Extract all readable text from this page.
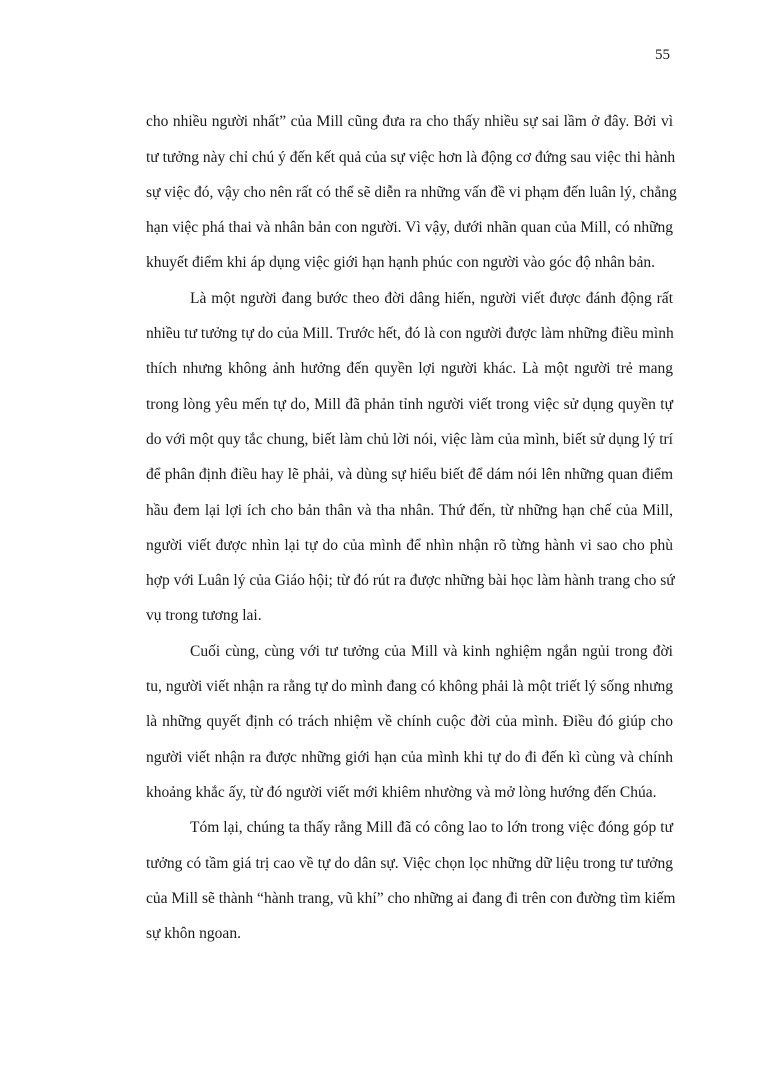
55
cho nhiều người nhất” của Mill cũng đưa ra cho thấy nhiều sự sai lầm ở đây. Bởi vì
tư tưởng này chỉ chú ý đến kết quả của sự việc hơn là động cơ đứng sau việc thi hành
sự việc đó, vậy cho nên rất có thể sẽ diễn ra những vấn đề vi phạm đến luân lý, chẳng
hạn việc phá thai và nhân bản con người. Vì vậy, dưới nhãn quan của Mill, có những
khuyết điểm khi áp dụng việc giới hạn hạnh phúc con người vào góc độ nhân bản.
Là một người đang bước theo đời dâng hiến, người viết được đánh động rất
nhiều tư tưởng tự do của Mill. Trước hết, đó là con người được làm những điều mình
thích nhưng không ảnh hưởng đến quyền lợi người khác. Là một người trẻ mang
trong lòng yêu mến tự do, Mill đã phản tỉnh người viết trong việc sử dụng quyền tự
do với một quy tắc chung, biết làm chủ lời nói, việc làm của mình, biết sử dụng lý trí
để phân định điều hay lẽ phải, và dùng sự hiểu biết để dám nói lên những quan điểm
hầu đem lại lợi ích cho bản thân và tha nhân. Thứ đến, từ những hạn chế của Mill,
người viết được nhìn lại tự do của mình để nhìn nhận rõ từng hành vi sao cho phù
hợp với Luân lý của Giáo hội; từ đó rút ra được những bài học làm hành trang cho sứ
vụ trong tương lai.
Cuối cùng, cùng với tư tưởng của Mill và kinh nghiệm ngắn ngủi trong đời
tu, người viết nhận ra rằng tự do mình đang có không phải là một triết lý sống nhưng
là những quyết định có trách nhiệm về chính cuộc đời của mình. Điều đó giúp cho
người viết nhận ra được những giới hạn của mình khi tự do đi đến kì cùng và chính
khoảng khắc ấy, từ đó người viết mới khiêm nhường và mở lòng hướng đến Chúa.
Tóm lại, chúng ta thấy rằng Mill đã có công lao to lớn trong việc đóng góp tư
tưởng có tầm giá trị cao về tự do dân sự. Việc chọn lọc những dữ liệu trong tư tưởng
của Mill sẽ thành “hành trang, vũ khí” cho những ai đang đi trên con đường tìm kiếm
sự khôn ngoan.
